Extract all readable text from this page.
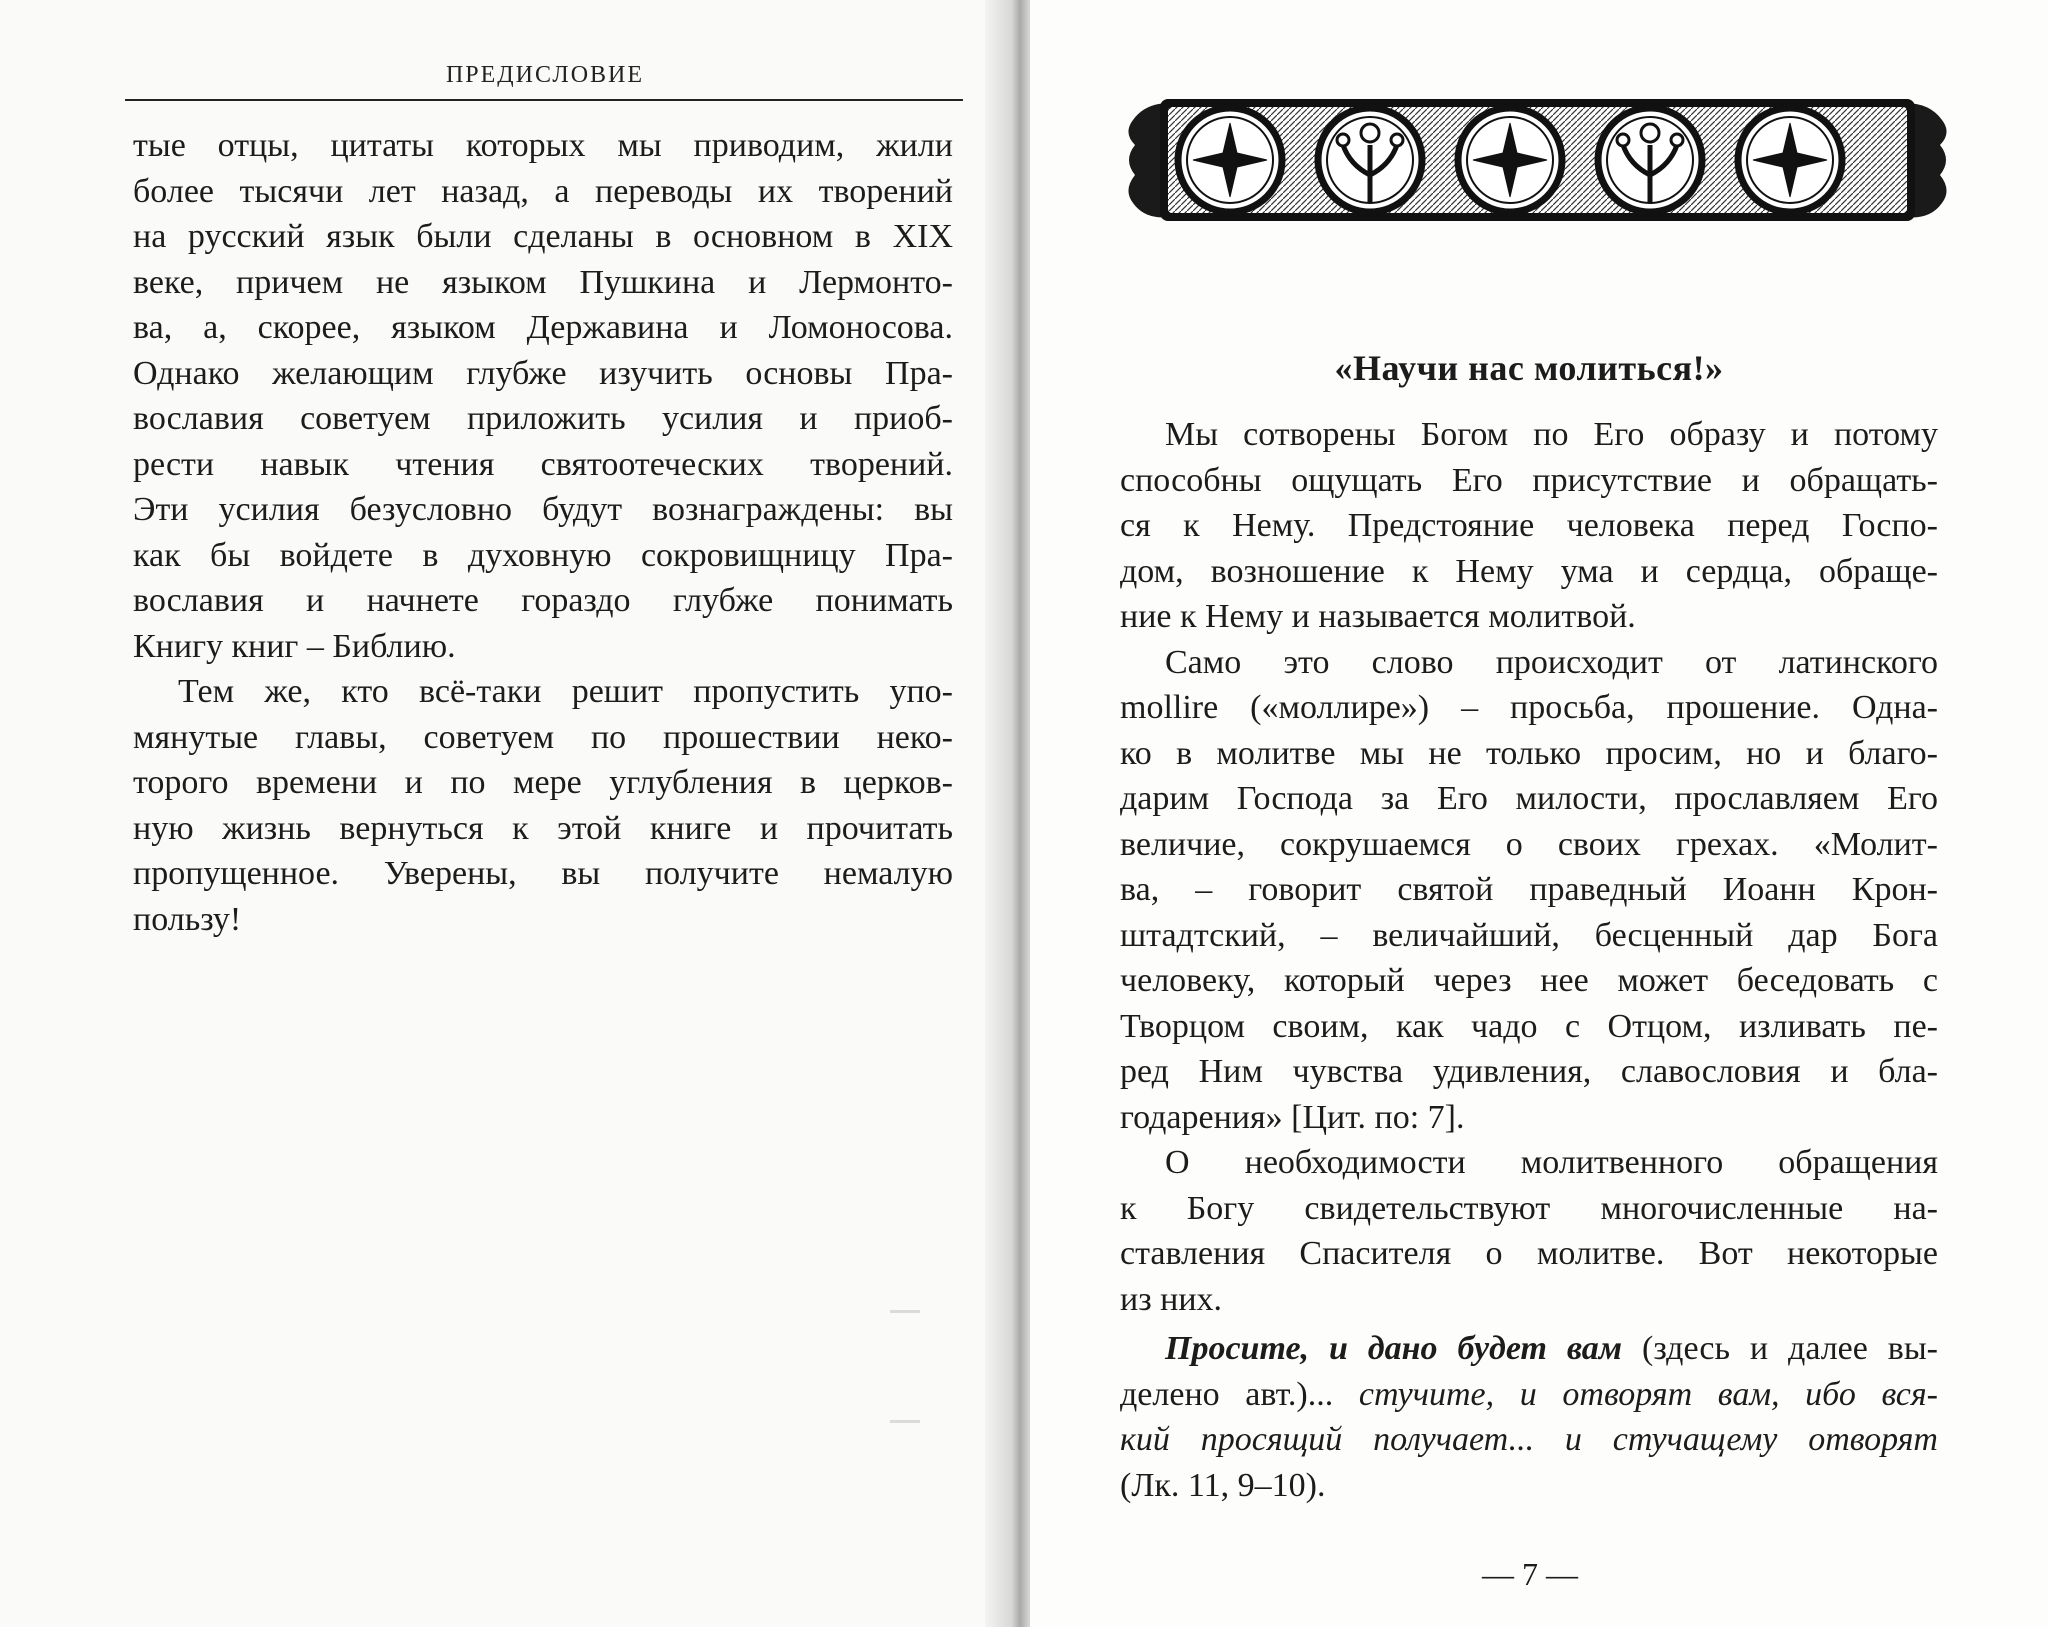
ПРЕДИСЛОВИЕ
тые отцы, цитаты которых мы приводим, жили
более тысячи лет назад, а переводы их творений
на русский язык были сделаны в основном в XIX
веке, причем не языком Пушкина и Лермонто-
ва, а, скорее, языком Державина и Ломоносова.
Однако желающим глубже изучить основы Пра-
вославия советуем приложить усилия и приоб-
рести навык чтения святоотеческих творений.
Эти усилия безусловно будут вознаграждены: вы
как бы войдете в духовную сокровищницу Пра-
вославия и начнете гораздо глубже понимать
Книгу книг – Библию.
Тем же, кто всё-таки решит пропустить упо-
мянутые главы, советуем по прошествии неко-
торого времени и по мере углубления в церков-
ную жизнь вернуться к этой книге и прочитать
пропущенное. Уверены, вы получите немалую
пользу!
«Научи нас молиться!»
Мы сотворены Богом по Его образу и потому
способны ощущать Его присутствие и обращать-
ся к Нему. Предстояние человека перед Госпо-
дом, возношение к Нему ума и сердца, обраще-
ние к Нему и называется молитвой.
Само это слово происходит от латинского
mollire («моллире») – просьба, прошение. Одна-
ко в молитве мы не только просим, но и благо-
дарим Господа за Его милости, прославляем Его
величие, сокрушаемся о своих грехах. «Молит-
ва, – говорит святой праведный Иоанн Крон-
штадтский, – величайший, бесценный дар Бога
человеку, который через нее может беседовать с
Творцом своим, как чадо с Отцом, изливать пе-
ред Ним чувства удивления, славословия и бла-
годарения» [Цит. по: 7].
О необходимости молитвенного обращения
к Богу свидетельствуют многочисленные на-
ставления Спасителя о молитве. Вот некоторые
из них.
Просите, и дано будет вам (здесь и далее вы-
делено авт.)... стучите, и отворят вам, ибо вся-
кий просящий получает... и стучащему отворят
(Лк. 11, 9–10).
— 7 —
